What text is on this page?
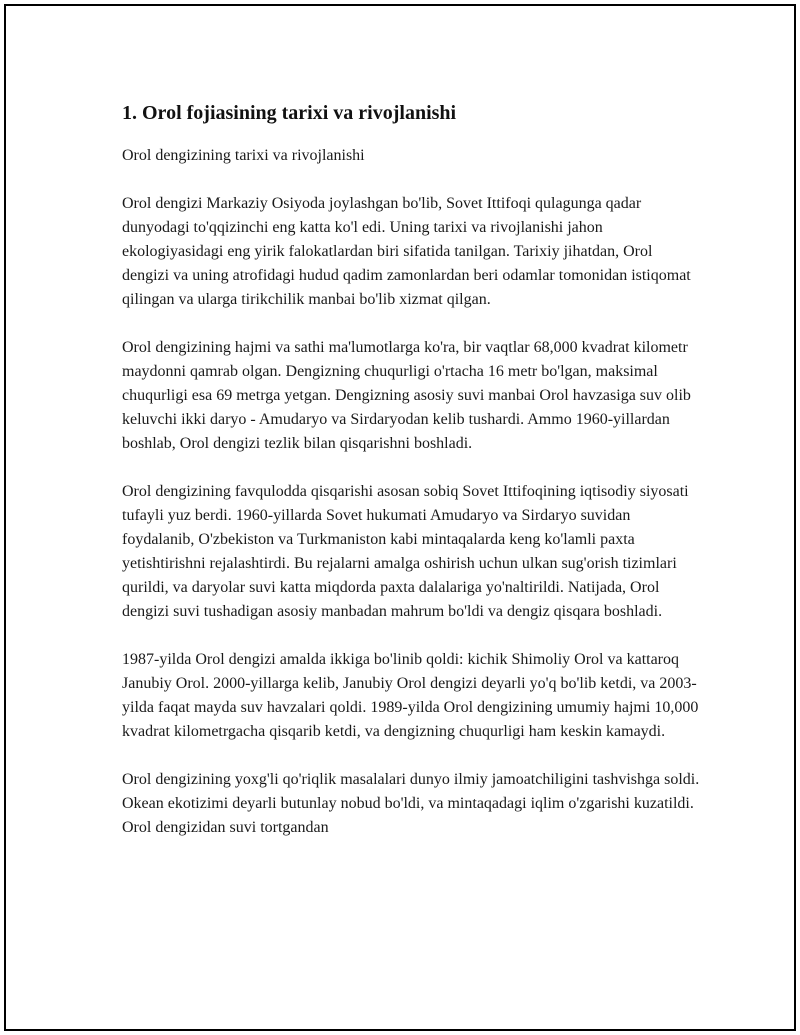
1. Orol fojiasining tarixi va rivojlanishi
Orol dengizining tarixi va rivojlanishi

Orol dengizi Markaziy Osiyoda joylashgan bo'lib, Sovet Ittifoqi qulagunga qadar dunyodagi to'qqizinchi eng katta ko'l edi. Uning tarixi va rivojlanishi jahon ekologiyasidagi eng yirik falokatlardan biri sifatida tanilgan. Tarixiy jihatdan, Orol dengizi va uning atrofidagi hudud qadim zamonlardan beri odamlar tomonidan istiqomat qilingan va ularga tirikchilik manbai bo'lib xizmat qilgan.

Orol dengizining hajmi va sathi ma'lumotlarga ko'ra, bir vaqtlar 68,000 kvadrat kilometr maydonni qamrab olgan. Dengizning chuqurligi o'rtacha 16 metr bo'lgan, maksimal chuqurligi esa 69 metrga yetgan. Dengizning asosiy suvi manbai Orol havzasiga suv olib keluvchi ikki daryo - Amudaryo va Sirdaryodan kelib tushardi. Ammo 1960-yillardan boshlab, Orol dengizi tezlik bilan qisqarishni boshladi.

Orol dengizining favqulodda qisqarishi asosan sobiq Sovet Ittifoqining iqtisodiy siyosati tufayli yuz berdi. 1960-yillarda Sovet hukumati Amudaryo va Sirdaryo suvidan foydalanib, O'zbekiston va Turkmaniston kabi mintaqalarda keng ko'lamli paxta yetishtirishni rejalashtirdi. Bu rejalarni amalga oshirish uchun ulkan sug'orish tizimlari qurildi, va daryolar suvi katta miqdorda paxta dalalariga yo'naltirildi. Natijada, Orol dengizi suvi tushadigan asosiy manbadan mahrum bo'ldi va dengiz qisqara boshladi.

1987-yilda Orol dengizi amalda ikkiga bo'linib qoldi: kichik Shimoliy Orol va kattaroq Janubiy Orol. 2000-yillarga kelib, Janubiy Orol dengizi deyarli yo'q bo'lib ketdi, va 2003-yilda faqat mayda suv havzalari qoldi. 1989-yilda Orol dengizining umumiy hajmi 10,000 kvadrat kilometrgacha qisqarib ketdi, va dengizning chuqurligi ham keskin kamaydi.

Orol dengizining yoxg'li qo'riqlik masalalari dunyo ilmiy jamoatchiligini tashvishga soldi. Okean ekotizimi deyarli butunlay nobud bo'ldi, va mintaqadagi iqlim o'zgarishi kuzatildi. Orol dengizidan suvi tortgandan
